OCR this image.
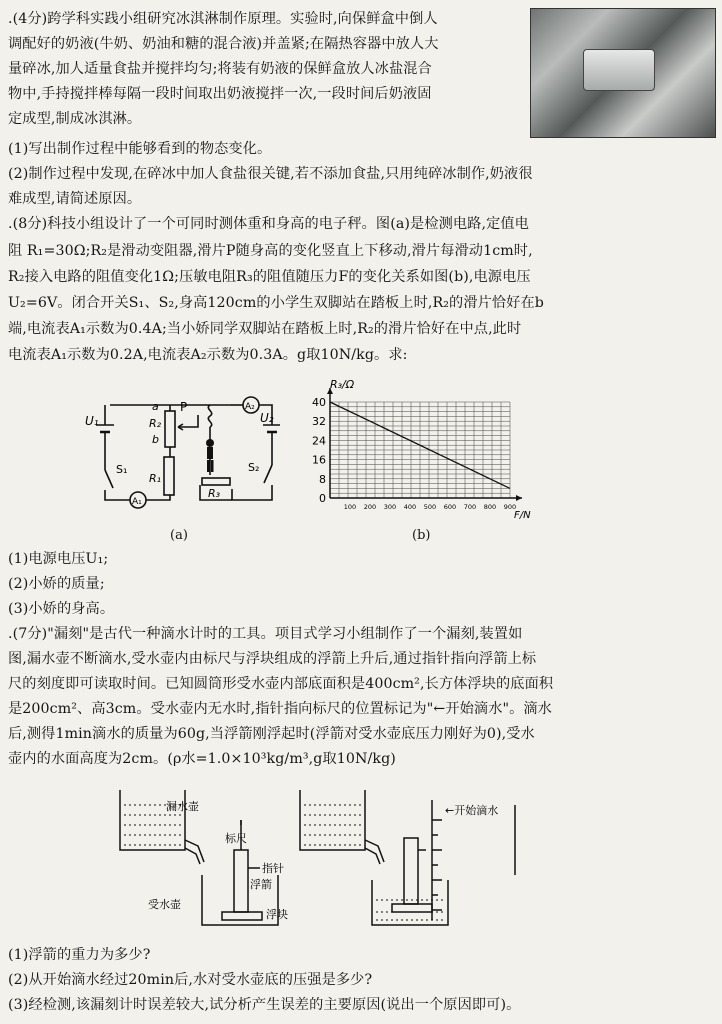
.(4分)跨学科实践小组研究冰淇淋制作原理。实验时,向保鲜盒中倒人
调配好的奶液(牛奶、奶油和糖的混合液)并盖紧;在隔热容器中放人大
量碎冰,加人适量食盐并搅拌均匀;将装有奶液的保鲜盒放人冰盐混合
物中,手持搅拌棒每隔一段时间取出奶液搅拌一次,一段时间后奶液固
定成型,制成冰淇淋。
(1)写出制作过程中能够看到的物态变化。
(2)制作过程中发现,在碎冰中加人食盐很关键,若不添加食盐,只用纯碎冰制作,奶液很
难成型,请简述原因。
.(8分)科技小组设计了一个可同时测体重和身高的电子秤。图(a)是检测电路,定值电
阻 R₁=30Ω;R₂是滑动变阻器,滑片P随身高的变化竖直上下移动,滑片每滑动1cm时,
R₂接入电路的阻值变化1Ω;压敏电阻R₃的阻值随压力F的变化关系如图(b),电源电压
U₂=6V。闭合开关S₁、S₂,身高120cm的小学生双脚站在踏板上时,R₂的滑片恰好在b
端,电流表A₁示数为0.4A;当小娇同学双脚站在踏板上时,R₂的滑片恰好在中点,此时
电流表A₁示数为0.2A,电流表A₂示数为0.3A。g取10N/kg。求:
U₁
a P
R₂
b
S₁
R₁
A₁
A₂
U₂
R₃
S₂
(a)
0
8
16
24
32
40
100 200 300 400 500 600 700 800 900
R₃/Ω
F/N
(b)
(1)电源电压U₁;
(2)小娇的质量;
(3)小娇的身高。
.(7分)"漏刻"是古代一种滴水计时的工具。项目式学习小组制作了一个漏刻,装置如
图,漏水壶不断滴水,受水壶内由标尺与浮块组成的浮箭上升后,通过指针指向浮箭上标
尺的刻度即可读取时间。已知圆筒形受水壶内部底面积是400cm²,长方体浮块的底面积
是200cm²、高3cm。受水壶内无水时,指针指向标尺的位置标记为"←开始滴水"。滴水
后,测得1min滴水的质量为60g,当浮箭刚浮起时(浮箭对受水壶底压力刚好为0),受水
壶内的水面高度为2cm。(ρ水=1.0×10³kg/m³,g取10N/kg)
漏水壶
标尺
指针
浮箭
受水壶
浮块
←开始滴水
(1)浮箭的重力为多少?
(2)从开始滴水经过20min后,水对受水壶底的压强是多少?
(3)经检测,该漏刻计时误差较大,试分析产生误差的主要原因(说出一个原因即可)。
